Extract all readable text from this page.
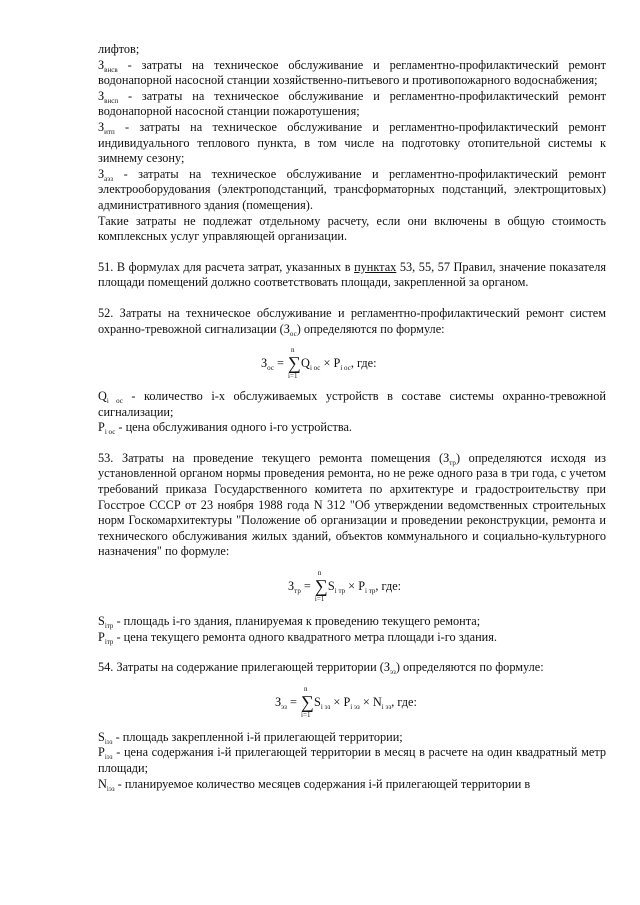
лифтов;

$З_{внсв}$ - затраты на техническое обслуживание и регламентно-профилактический ремонт водонапорной насосной станции хозяйственно-питьевого и противопожарного водоснабжения;

$З_{внсп}$ - затраты на техническое обслуживание и регламентно-профилактический ремонт водонапорной насосной станции пожаротушения;

$З_{итп}$ - затраты на техническое обслуживание и регламентно-профилактический ремонт индивидуального теплового пункта, в том числе на подготовку отопительной системы к зимнему сезону;

$З_{аэз}$ - затраты на техническое обслуживание и регламентно-профилактический ремонт электрооборудования (электроподстанций, трансформаторных подстанций, электрощитовых) административного здания (помещения).

Такие затраты не подлежат отдельному расчету, если они включены в общую стоимость комплексных услуг управляющей организации.

51. В формулах для расчета затрат, указанных в пунктах 53, 55, 57 Правил, значение показателя площади помещений должно соответствовать площади, закрепленной за органом.

52. Затраты на техническое обслуживание и регламентно-профилактический ремонт систем охранно-тревожной сигнализации $(З_{ос})$ определяются по формуле:

$З_{ос}$ =
n
∑
i=1
$Q_{i ос} \times P_{i ос}$, где:

$Q_{i ос}$ - количество i-х обслуживаемых устройств в составе системы охранно-тревожной сигнализации;

$P_{i ос}$ - цена обслуживания одного i-го устройства.

53. Затраты на проведение текущего ремонта помещения $(З_{тр})$ определяются исходя из установленной органом нормы проведения ремонта, но не реже одного раза в три года, с учетом требований приказа Государственного комитета по архитектуре и градостроительству при Госстрое СССР от 23 ноября 1988 года N 312 "Об утверждении ведомственных строительных норм Госкомархитектуры "Положение об организации и проведении реконструкции, ремонта и технического обслуживания жилых зданий, объектов коммунального и социально-культурного назначения" по формуле:

$З_{тр}$ =
n
∑
i=1
$S_{i тр} \times P_{i тр}$, где:

$S_{iтр}$ - площадь i-го здания, планируемая к проведению текущего ремонта;

$P_{iтр}$ - цена текущего ремонта одного квадратного метра площади i-го здания.

54. Затраты на содержание прилегающей территории $(З_{эз})$ определяются по формуле:

$З_{эз}$ =
n
∑
i=1
$S_{i эз} \times P_{i эз} \times N_{i эз}$, где:

$S_{iэз}$ - площадь закрепленной i-й прилегающей территории;

$P_{iэз}$ - цена содержания i-й прилегающей территории в месяц в расчете на один квадратный метр площади;

$N_{iэз}$ - планируемое количество месяцев содержания i-й прилегающей территории в
